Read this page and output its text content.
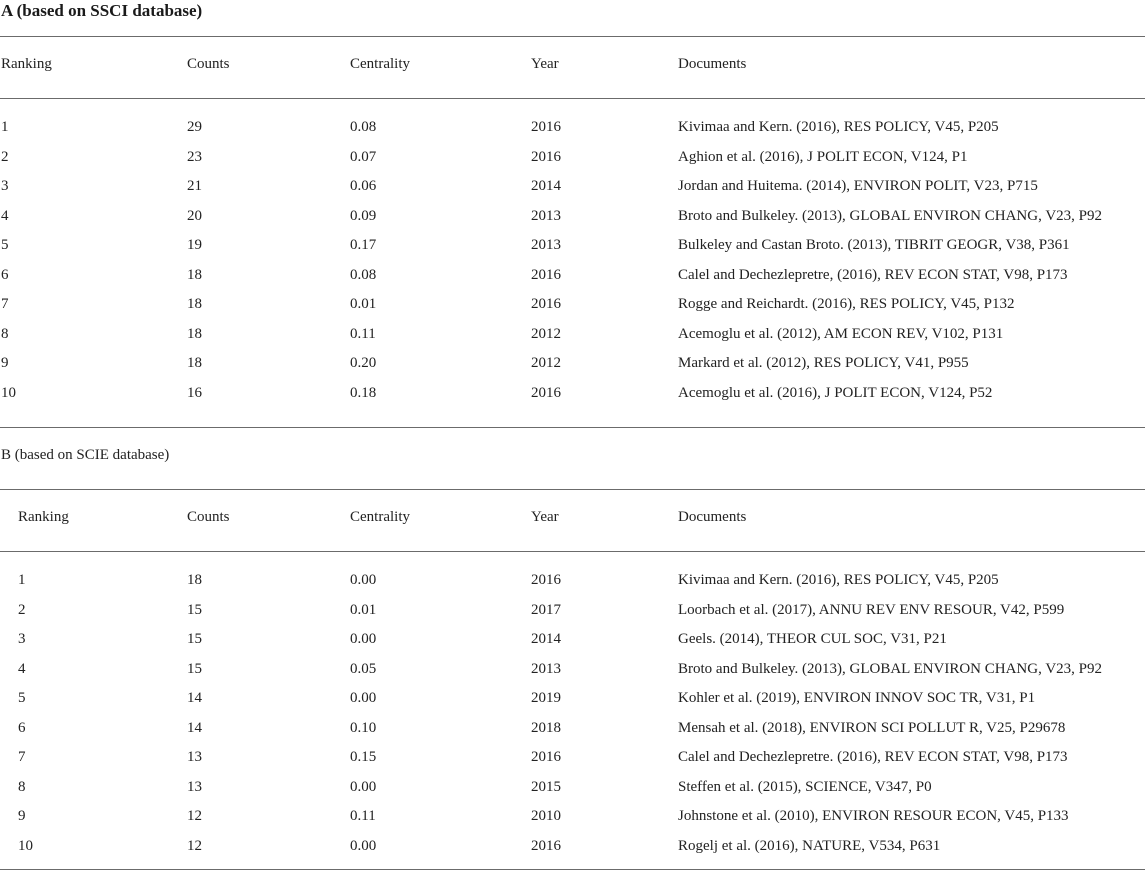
A (based on SSCI database)
Ranking	Counts	Centrality	Year	Documents
1	29	0.08	2016	Kivimaa and Kern. (2016), RES POLICY, V45, P205
2	23	0.07	2016	Aghion et al. (2016), J POLIT ECON, V124, P1
3	21	0.06	2014	Jordan and Huitema. (2014), ENVIRON POLIT, V23, P715
4	20	0.09	2013	Broto and Bulkeley. (2013), GLOBAL ENVIRON CHANG, V23, P92
5	19	0.17	2013	Bulkeley and Castan Broto. (2013), TIBRIT GEOGR, V38, P361
6	18	0.08	2016	Calel and Dechezlepretre, (2016), REV ECON STAT, V98, P173
7	18	0.01	2016	Rogge and Reichardt. (2016), RES POLICY, V45, P132
8	18	0.11	2012	Acemoglu et al. (2012), AM ECON REV, V102, P131
9	18	0.20	2012	Markard et al. (2012), RES POLICY, V41, P955
10	16	0.18	2016	Acemoglu et al. (2016), J POLIT ECON, V124, P52
B (based on SCIE database)
Ranking	Counts	Centrality	Year	Documents
1	18	0.00	2016	Kivimaa and Kern. (2016), RES POLICY, V45, P205
2	15	0.01	2017	Loorbach et al. (2017), ANNU REV ENV RESOUR, V42, P599
3	15	0.00	2014	Geels. (2014), THEOR CUL SOC, V31, P21
4	15	0.05	2013	Broto and Bulkeley. (2013), GLOBAL ENVIRON CHANG, V23, P92
5	14	0.00	2019	Kohler et al. (2019), ENVIRON INNOV SOC TR, V31, P1
6	14	0.10	2018	Mensah et al. (2018), ENVIRON SCI POLLUT R, V25, P29678
7	13	0.15	2016	Calel and Dechezlepretre. (2016), REV ECON STAT, V98, P173
8	13	0.00	2015	Steffen et al. (2015), SCIENCE, V347, P0
9	12	0.11	2010	Johnstone et al. (2010), ENVIRON RESOUR ECON, V45, P133
10	12	0.00	2016	Rogelj et al. (2016), NATURE, V534, P631
